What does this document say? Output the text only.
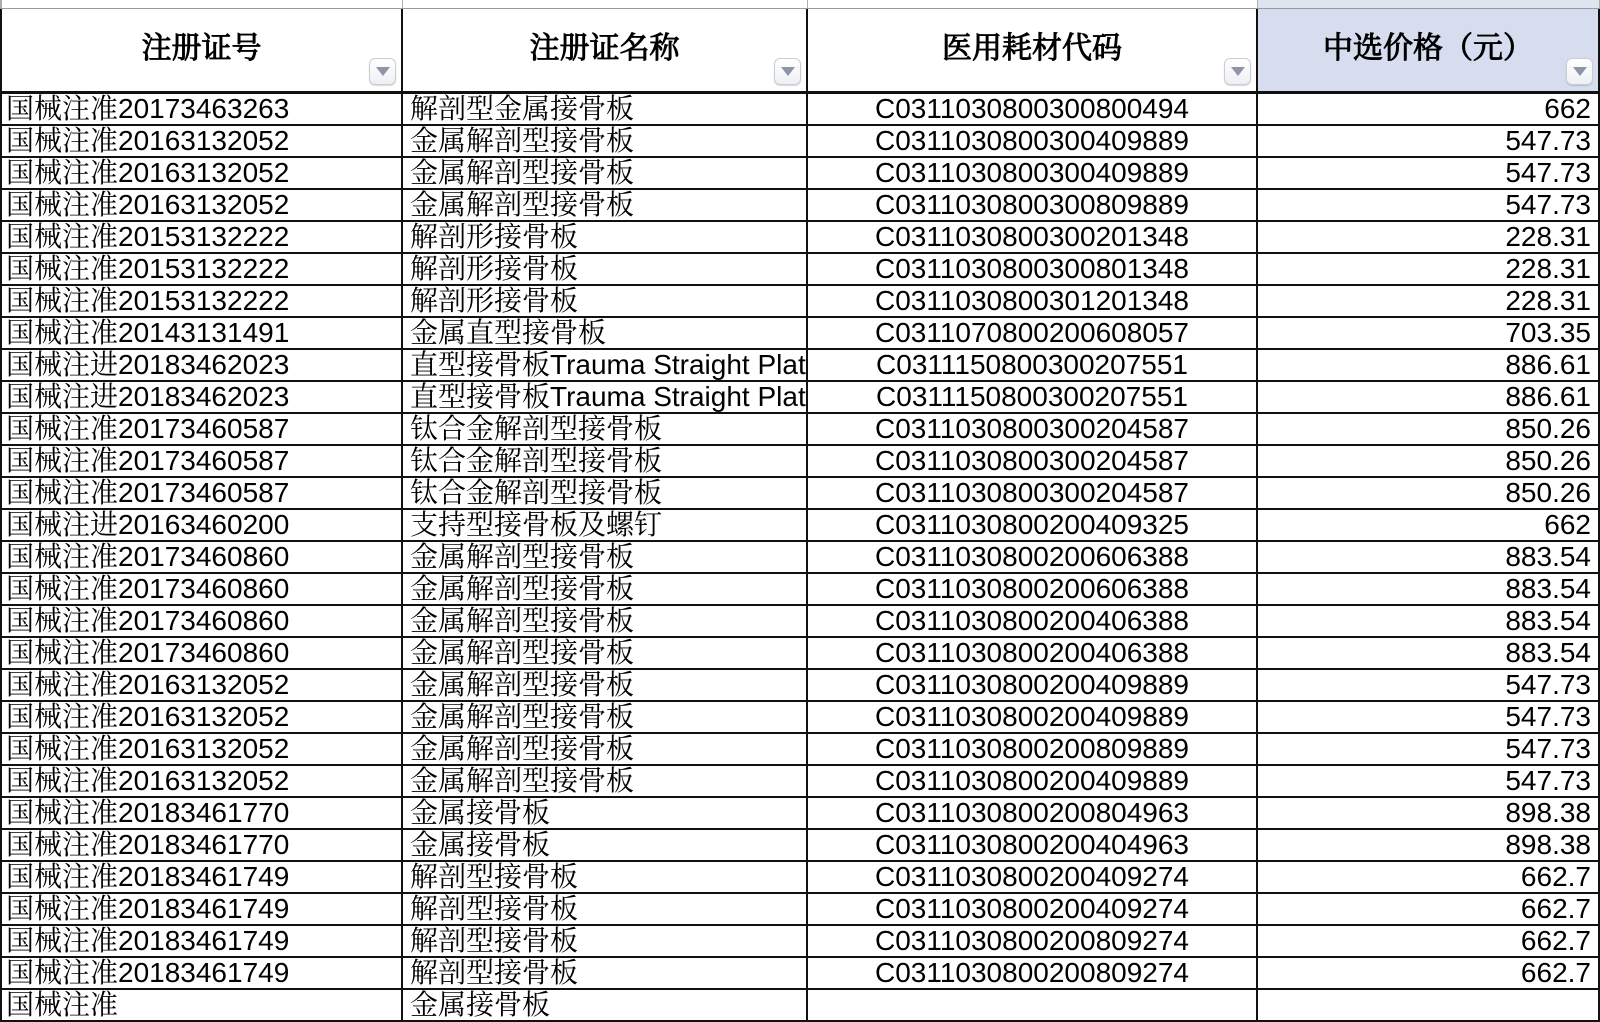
注册证号	注册证名称	医用耗材代码	中选价格（元）
国械注准20173463263	解剖型金属接骨板	C0311030800300800494	662
国械注准20163132052	金属解剖型接骨板	C0311030800300409889	547.73
国械注准20163132052	金属解剖型接骨板	C0311030800300409889	547.73
国械注准20163132052	金属解剖型接骨板	C0311030800300809889	547.73
国械注准20153132222	解剖形接骨板	C0311030800300201348	228.31
国械注准20153132222	解剖形接骨板	C0311030800300801348	228.31
国械注准20153132222	解剖形接骨板	C0311030800301201348	228.31
国械注准20143131491	金属直型接骨板	C0311070800200608057	703.35
国械注进20183462023	直型接骨板Trauma Straight Plat	C0311150800300207551	886.61
国械注进20183462023	直型接骨板Trauma Straight Plat	C0311150800300207551	886.61
国械注准20173460587	钛合金解剖型接骨板	C0311030800300204587	850.26
国械注准20173460587	钛合金解剖型接骨板	C0311030800300204587	850.26
国械注准20173460587	钛合金解剖型接骨板	C0311030800300204587	850.26
国械注进20163460200	支持型接骨板及螺钉	C0311030800200409325	662
国械注准20173460860	金属解剖型接骨板	C0311030800200606388	883.54
国械注准20173460860	金属解剖型接骨板	C0311030800200606388	883.54
国械注准20173460860	金属解剖型接骨板	C0311030800200406388	883.54
国械注准20173460860	金属解剖型接骨板	C0311030800200406388	883.54
国械注准20163132052	金属解剖型接骨板	C0311030800200409889	547.73
国械注准20163132052	金属解剖型接骨板	C0311030800200409889	547.73
国械注准20163132052	金属解剖型接骨板	C0311030800200809889	547.73
国械注准20163132052	金属解剖型接骨板	C0311030800200409889	547.73
国械注准20183461770	金属接骨板	C0311030800200804963	898.38
国械注准20183461770	金属接骨板	C0311030800200404963	898.38
国械注准20183461749	解剖型接骨板	C0311030800200409274	662.7
国械注准20183461749	解剖型接骨板	C0311030800200409274	662.7
国械注准20183461749	解剖型接骨板	C0311030800200809274	662.7
国械注准20183461749	解剖型接骨板	C0311030800200809274	662.7
国械注准	金属接骨板
